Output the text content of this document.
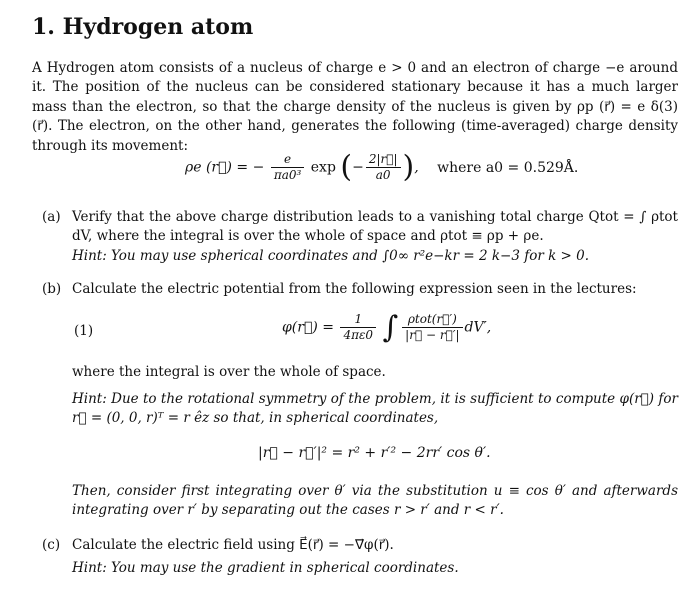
1. Hydrogen atom

A Hydrogen atom consists of a nucleus of charge e > 0 and an electron of charge −e around it. The position of the nucleus can be considered stationary because it has a much larger mass than the electron, so that the charge density of the nucleus is given by ρp (r⃗) = e δ(3) (r⃗). The electron, on the other hand, generates the following (time-averaged) charge density through its movement:

ρe (r⃗) = − $\frac{e}{\text{πa0³}}$ exp (− $\frac{2|r⃗|}{a0}$ ), where a0 = 0.529Å.
(a) Verify that the above charge distribution leads to a vanishing total charge Qtot = ∫ ρtot dV, where the integral is over the whole of space and ρtot ≡ ρp + ρe.
Hint: You may use spherical coordinates and ∫0∞ r²e−kr = 2 k−3 for k > 0.
(b) Calculate the electric potential from the following expression seen in the lectures:
(1)	φ(r⃗) = $\frac{1}{4\pi\varepsilon 0}$ ∫ $\frac{\text{ρtot(r⃗′)}}{|r⃗ - r⃗'|} dV'$,
where the integral is over the whole of space.
Hint: Due to the rotational symmetry of the problem, it is sufficient to compute φ(r⃗) for r⃗ = (0, 0, r)ᵀ = r êz so that, in spherical coordinates,
|r⃗ − r⃗′|² = r² + r′² − 2rr′ cos θ′.
Then, consider first integrating over θ′ via the substitution u ≡ cos θ′ and afterwards integrating over r′ by separating out the cases r > r′ and r < r′.
(c) Calculate the electric field using E⃗(r⃗) = −∇⃗φ(r⃗).
Hint: You may use the gradient in spherical coordinates.
